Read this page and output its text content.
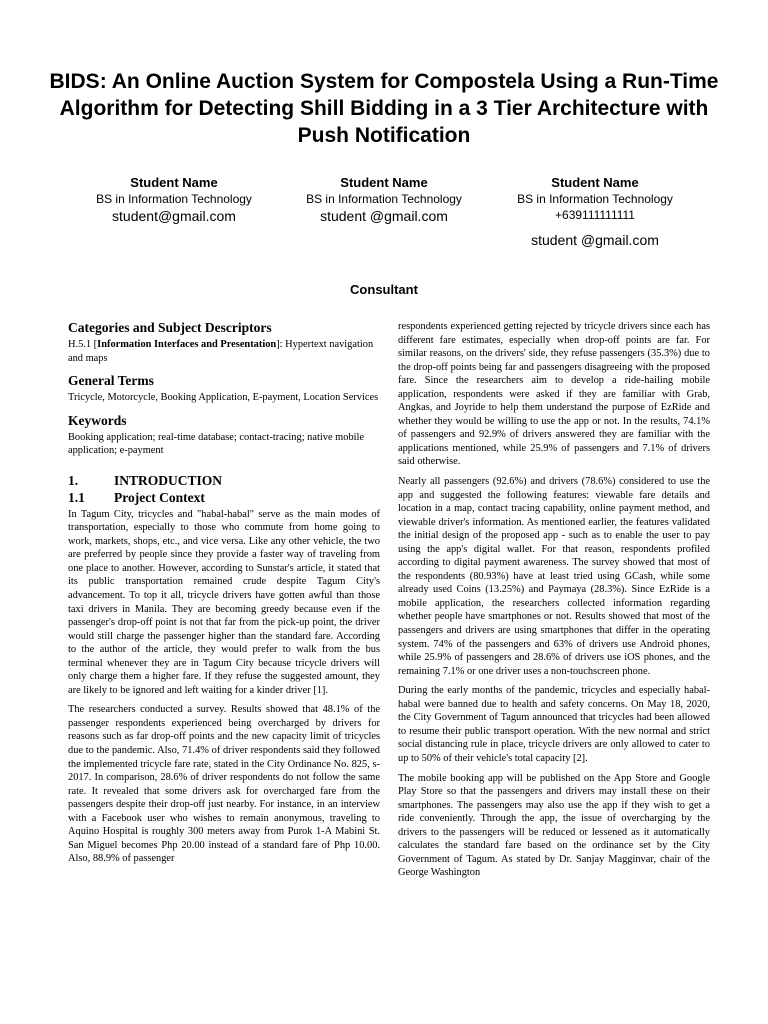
BIDS: An Online Auction System for Compostela Using a Run-Time Algorithm for Detecting Shill Bidding in a 3 Tier Architecture with Push Notification
Student Name
BS in Information Technology
student@gmail.com
Student Name
BS in Information Technology
student @gmail.com
Student Name
BS in Information Technology
+639111111111
student @gmail.com
Consultant
Categories and Subject Descriptors

H.5.1 [Information Interfaces and Presentation]: Hypertext navigation and maps

General Terms

Tricycle, Motorcycle, Booking Application, E-payment, Location Services

Keywords

Booking application; real-time database; contact-tracing; native mobile application; e-payment

1.	INTRODUCTION
1.1	Project Context

In Tagum City, tricycles and "habal-habal" serve as the main modes of transportation, especially to those who commute from home going to work, markets, shops, etc., and vice versa. Like any other vehicle, the two are preferred by people since they provide a faster way of traveling from one place to another. However, according to Sunstar's article, it stated that its public transportation remained crude despite Tagum City's advancement. To top it all, tricycle drivers have gotten awful than those taxi drivers in Manila. They are becoming greedy because even if the passenger's drop-off point is not that far from the pick-up point, the driver would still charge the passenger higher than the standard fare. According to the author of the article, they would prefer to walk from the bus terminal whenever they are in Tagum City because tricycle drivers will only charge them a higher fare. If they refuse the suggested amount, they are likely to be ignored and left waiting for a kinder driver [1].

The researchers conducted a survey. Results showed that 48.1% of the passenger respondents experienced being overcharged by drivers for reasons such as far drop-off points and the new capacity limit of tricycles due to the pandemic. Also, 71.4% of driver respondents said they followed the implemented tricycle fare rate, stated in the City Ordinance No. 825, s-2017. In comparison, 28.6% of driver respondents do not follow the same rate. It revealed that some drivers ask for overcharged fare from the passengers despite their drop-off just nearby. For instance, in an interview with a Facebook user who wishes to remain anonymous, traveling to Aquino Hospital is roughly 300 meters away from Purok 1-A Mabini St. San Miguel becomes Php 20.00 instead of a standard fare of Php 10.00. Also, 88.9% of passenger

respondents experienced getting rejected by tricycle drivers since each has different fare estimates, especially when drop-off points are far. For similar reasons, on the drivers' side, they refuse passengers (35.3%) due to the drop-off points being far and passengers disagreeing with the proposed fare. Since the researchers aim to develop a ride-hailing mobile application, respondents were asked if they are familiar with Grab, Angkas, and Joyride to help them understand the purpose of EzRide and whether they would be willing to use the app or not. In the results, 74.1% of passengers and 92.9% of drivers answered they are familiar with the applications mentioned, while 25.9% of passengers and 7.1% of drivers said otherwise.

Nearly all passengers (92.6%) and drivers (78.6%) considered to use the app and suggested the following features: viewable fare details and location in a map, contact tracing capability, online payment method, and viewable driver's information. As mentioned earlier, the features validated the initial design of the proposed app - such as to enable the user to pay using the app's digital wallet. For that reason, respondents profiled according to digital payment awareness. The survey showed that most of the respondents (80.93%) have at least tried using GCash, while some already used Coins (13.25%) and Paymaya (28.3%). Since EzRide is a mobile application, the researchers collected information regarding whether people have smartphones or not. Results showed that most of the passengers and drivers are using smartphones that differ in the operating system. 74% of the passengers and 63% of drivers use Android phones, while 25.9% of passengers and 28.6% of drivers use iOS phones, and the remaining 7.1% or one driver uses a non-touchscreen phone.

During the early months of the pandemic, tricycles and especially habal-habal were banned due to health and safety concerns. On May 18, 2020, the City Government of Tagum announced that tricycles had been allowed to resume their public transport operation. With the new normal and strict social distancing rule in place, tricycle drivers are only allowed to cater to up to 50% of their vehicle's total capacity [2].

The mobile booking app will be published on the App Store and Google Play Store so that the passengers and drivers may install these on their smartphones. The passengers may also use the app if they wish to get a ride conveniently. Through the app, the issue of overcharging by the drivers to the passengers will be reduced or lessened as it automatically calculates the standard fare based on the ordinance set by the City Government of Tagum. As stated by Dr. Sanjay Magginvar, chair of the George Washington
